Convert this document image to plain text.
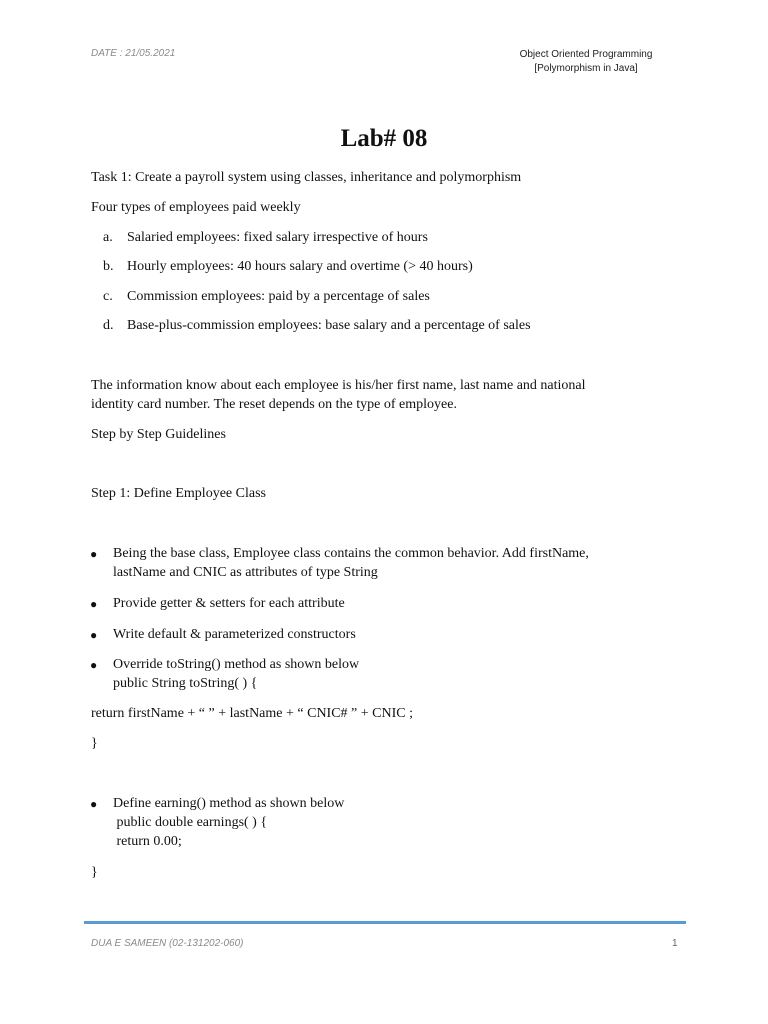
DATE : 21/05.2021	Object Oriented Programming
[Polymorphism in Java]
Lab# 08
Task 1: Create a payroll system using classes, inheritance and polymorphism
Four types of employees paid weekly
a. Salaried employees: fixed salary irrespective of hours
b. Hourly employees: 40 hours salary and overtime (> 40 hours)
c. Commission employees: paid by a percentage of sales
d. Base-plus-commission employees: base salary and a percentage of sales
The information know about each employee is his/her first name, last name and national
identity card number. The reset depends on the type of employee.
Step by Step Guidelines
Step 1: Define Employee Class
● Being the base class, Employee class contains the common behavior. Add firstName,
lastName and CNIC as attributes of type String
● Provide getter & setters for each attribute
● Write default & parameterized constructors
● Override toString() method as shown below
public String toString( ) {
return firstName + “ ” + lastName + “ CNIC# ” + CNIC ;
}
● Define earning() method as shown below
public double earnings( ) {
return 0.00;
}
DUA E SAMEEN (02-131202-060)	1
